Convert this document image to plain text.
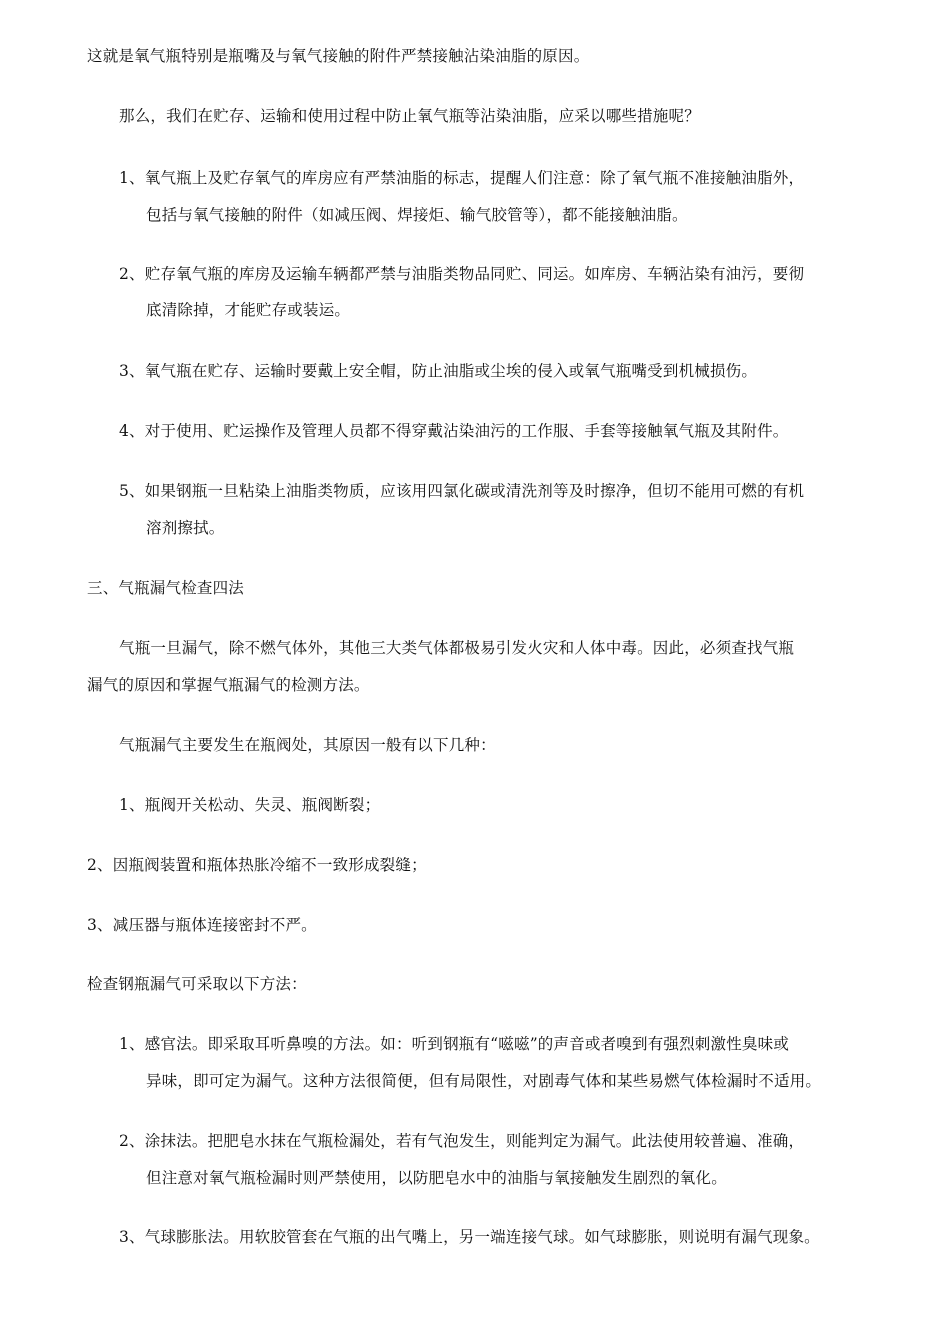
这就是氧气瓶特别是瓶嘴及与氧气接触的附件严禁接触沾染油脂的原因。
那么，我们在贮存、运输和使用过程中防止氧气瓶等沾染油脂，应采以哪些措施呢？
1、氧气瓶上及贮存氧气的库房应有严禁油脂的标志，提醒人们注意：除了氧气瓶不准接触油脂外，
包括与氧气接触的附件（如减压阀、焊接炬、输气胶管等），都不能接触油脂。
2、贮存氧气瓶的库房及运输车辆都严禁与油脂类物品同贮、同运。如库房、车辆沾染有油污，要彻
底清除掉，才能贮存或装运。
3、氧气瓶在贮存、运输时要戴上安全帽，防止油脂或尘埃的侵入或氧气瓶嘴受到机械损伤。
4、对于使用、贮运操作及管理人员都不得穿戴沾染油污的工作服、手套等接触氧气瓶及其附件。
5、如果钢瓶一旦粘染上油脂类物质，应该用四氯化碳或清洗剂等及时擦净，但切不能用可燃的有机
溶剂擦拭。
三、气瓶漏气检查四法
气瓶一旦漏气，除不燃气体外，其他三大类气体都极易引发火灾和人体中毒。因此，必须查找气瓶
漏气的原因和掌握气瓶漏气的检测方法。
气瓶漏气主要发生在瓶阀处，其原因一般有以下几种：
1、瓶阀开关松动、失灵、瓶阀断裂；
2、因瓶阀装置和瓶体热胀冷缩不一致形成裂缝；
3、减压器与瓶体连接密封不严。
检查钢瓶漏气可采取以下方法：
1、感官法。即采取耳听鼻嗅的方法。如：听到钢瓶有“嗞嗞”的声音或者嗅到有强烈刺激性臭味或
异味，即可定为漏气。这种方法很简便，但有局限性，对剧毒气体和某些易燃气体检漏时不适用。
2、涂抹法。把肥皂水抹在气瓶检漏处，若有气泡发生，则能判定为漏气。此法使用较普遍、准确，
但注意对氧气瓶检漏时则严禁使用，以防肥皂水中的油脂与氧接触发生剧烈的氧化。
3、气球膨胀法。用软胶管套在气瓶的出气嘴上，另一端连接气球。如气球膨胀，则说明有漏气现象。
